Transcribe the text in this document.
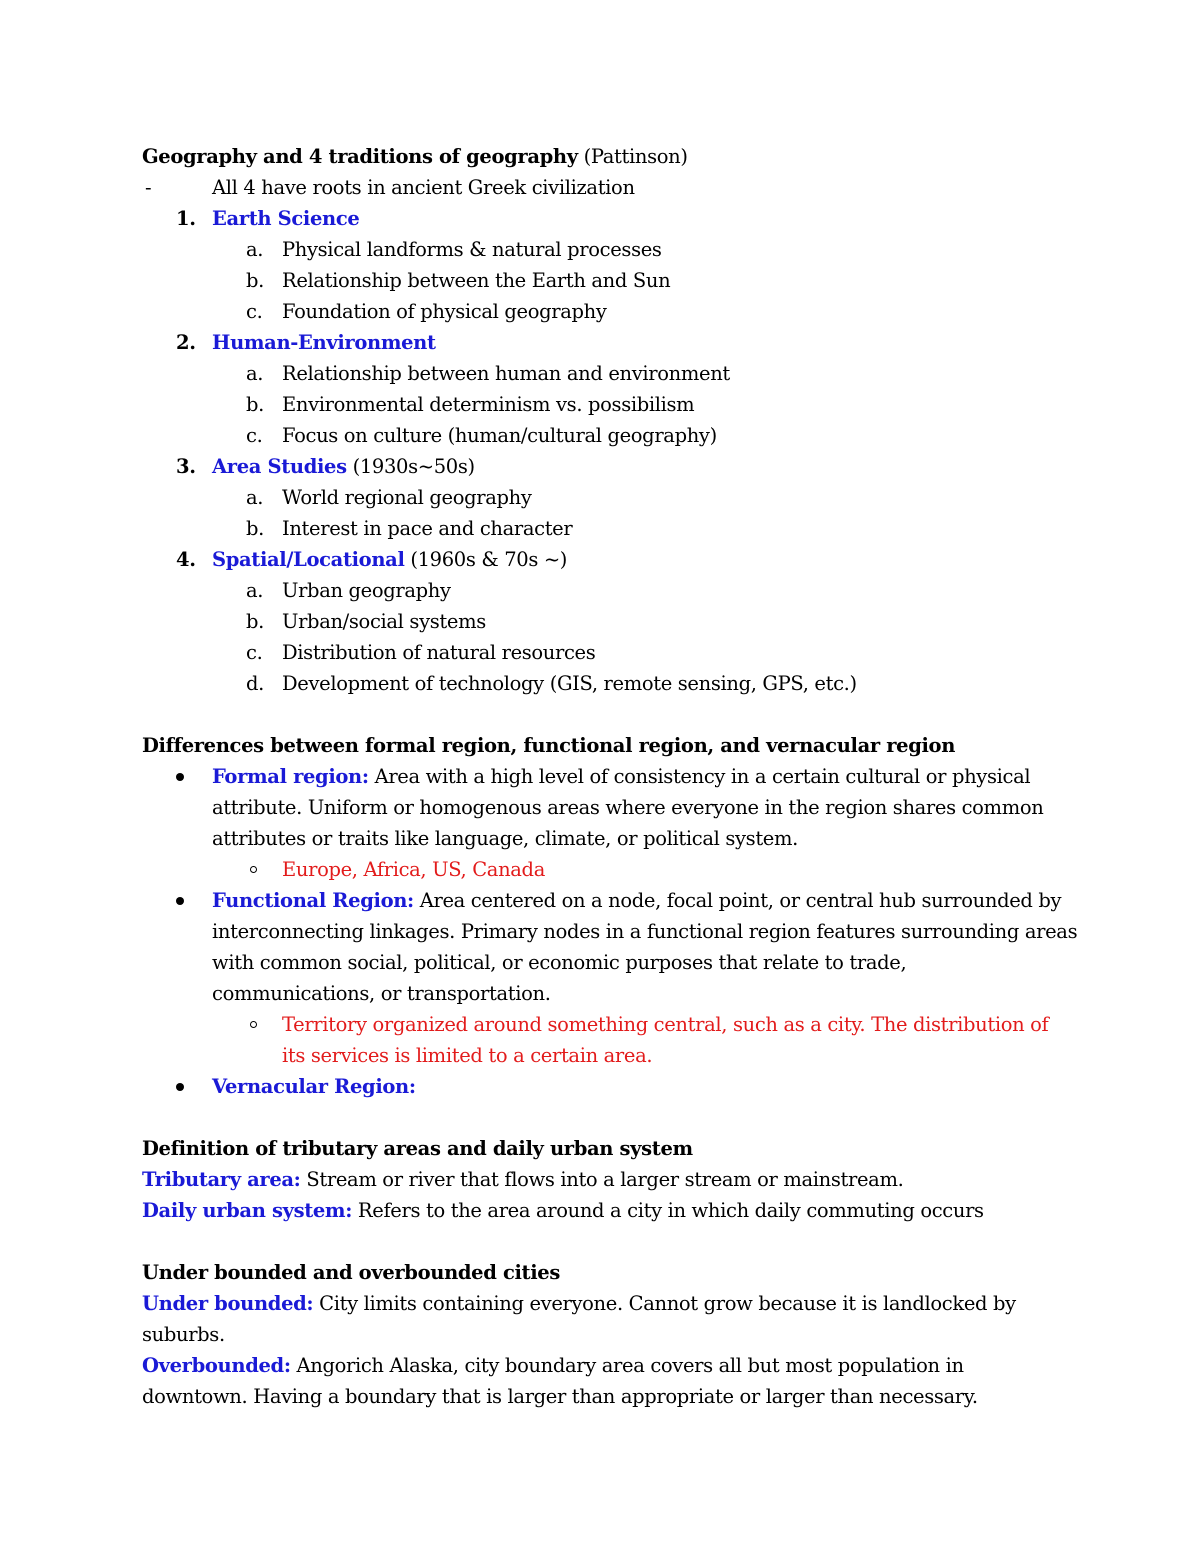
Geography and 4 traditions of geography (Pattinson)
-	All 4 have roots in ancient Greek civilization
1. Earth Science
a. Physical landforms & natural processes
b. Relationship between the Earth and Sun
c. Foundation of physical geography
2. Human-Environment
a. Relationship between human and environment
b. Environmental determinism vs. possibilism
c. Focus on culture (human/cultural geography)
3. Area Studies (1930s~50s)
a. World regional geography
b. Interest in pace and character
4. Spatial/Locational (1960s & 70s ~)
a. Urban geography
b. Urban/social systems
c. Distribution of natural resources
d. Development of technology (GIS, remote sensing, GPS, etc.)
Differences between formal region, functional region, and vernacular region
Formal region: Area with a high level of consistency in a certain cultural or physical
attribute. Uniform or homogenous areas where everyone in the region shares common
attributes or traits like language, climate, or political system.
Europe, Africa, US, Canada
Functional Region: Area centered on a node, focal point, or central hub surrounded by
interconnecting linkages. Primary nodes in a functional region features surrounding areas
with common social, political, or economic purposes that relate to trade,
communications, or transportation.
Territory organized around something central, such as a city. The distribution of
its services is limited to a certain area.
Vernacular Region:
Definition of tributary areas and daily urban system
Tributary area: Stream or river that flows into a larger stream or mainstream.
Daily urban system: Refers to the area around a city in which daily commuting occurs
Under bounded and overbounded cities
Under bounded: City limits containing everyone. Cannot grow because it is landlocked by
suburbs.
Overbounded: Angorich Alaska, city boundary area covers all but most population in
downtown. Having a boundary that is larger than appropriate or larger than necessary.
